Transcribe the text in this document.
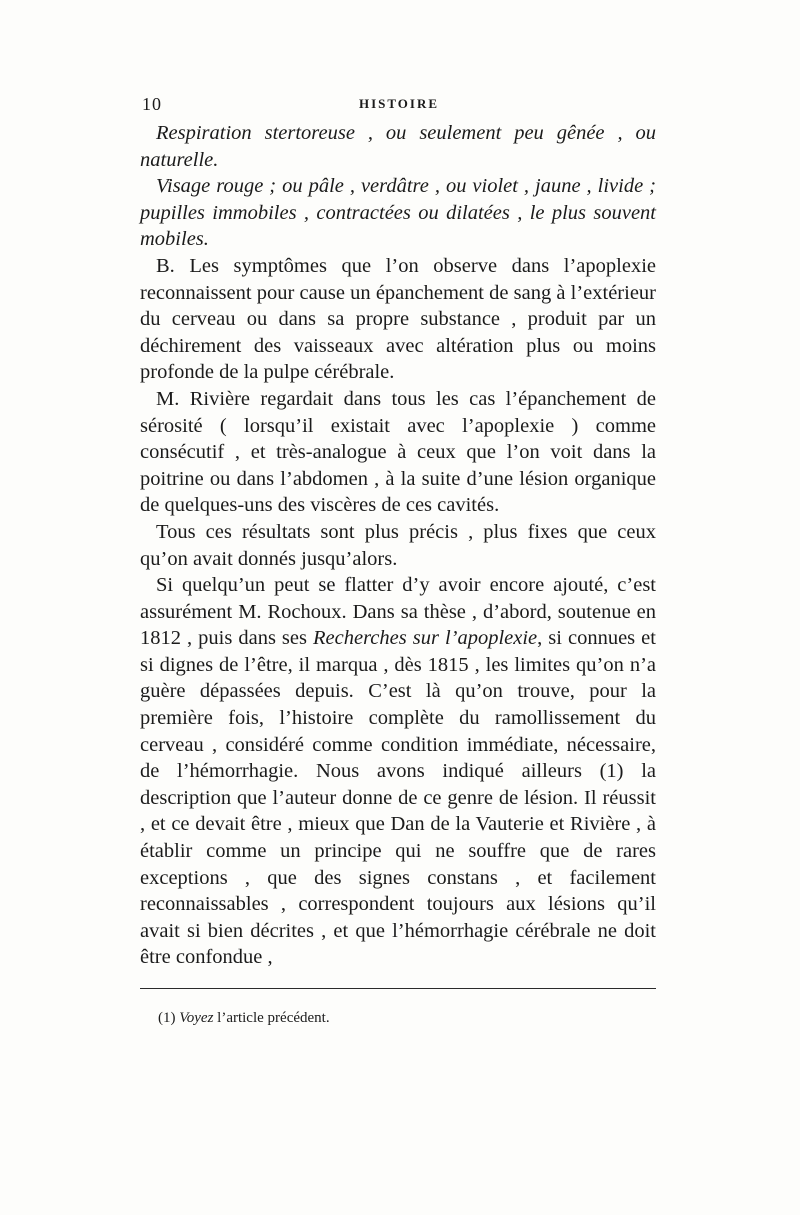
10	HISTOIRE

Respiration stertoreuse , ou seulement peu gênée , ou naturelle.

Visage rouge ; ou pâle , verdâtre , ou violet , jaune , livide ; pupilles immobiles , contractées ou dilatées , le plus souvent mobiles.

B. Les symptômes que l’on observe dans l’apoplexie reconnaissent pour cause un épanchement de sang à l’extérieur du cerveau ou dans sa propre substance , produit par un déchirement des vaisseaux avec altération plus ou moins profonde de la pulpe cérébrale.

M. Rivière regardait dans tous les cas l’épanchement de sérosité ( lorsqu’il existait avec l’apoplexie ) comme consécutif , et très-analogue à ceux que l’on voit dans la poitrine ou dans l’abdomen , à la suite d’une lésion organique de quelques-uns des viscères de ces cavités.

Tous ces résultats sont plus précis , plus fixes que ceux qu’on avait donnés jusqu’alors.

Si quelqu’un peut se flatter d’y avoir encore ajouté, c’est assurément M. Rochoux. Dans sa thèse , d’abord, soutenue en 1812 , puis dans ses Recherches sur l’apoplexie, si connues et si dignes de l’être, il marqua , dès 1815 , les limites qu’on n’a guère dépassées depuis. C’est là qu’on trouve, pour la première fois, l’histoire complète du ramollissement du cerveau , considéré comme condition immédiate, nécessaire, de l’hémorrhagie. Nous avons indiqué ailleurs (1) la description que l’auteur donne de ce genre de lésion. Il réussit , et ce devait être , mieux que Dan de la Vauterie et Rivière , à établir comme un principe qui ne souffre que de rares exceptions , que des signes constans , et facilement reconnaissables , correspondent toujours aux lésions qu’il avait si bien décrites , et que l’hémorrhagie cérébrale ne doit être confondue ,

(1) Voyez l’article précédent.
